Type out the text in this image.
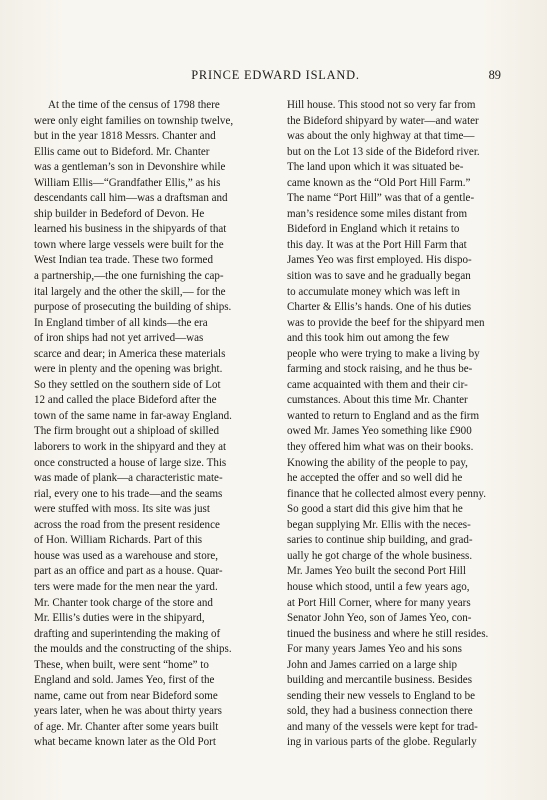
PRINCE EDWARD ISLAND.	89
At the time of the census of 1798 there
were only eight families on township twelve,
but in the year 1818 Messrs. Chanter and
Ellis came out to Bideford. Mr. Chanter
was a gentleman’s son in Devonshire while
William Ellis—“Grandfather Ellis,” as his
descendants call him—was a draftsman and
ship builder in Bedeford of Devon. He
learned his business in the shipyards of that
town where large vessels were built for the
West Indian tea trade. These two formed
a partnership,—the one furnishing the cap-
ital largely and the other the skill,— for the
purpose of prosecuting the building of ships.
In England timber of all kinds—the era
of iron ships had not yet arrived—was
scarce and dear; in America these materials
were in plenty and the opening was bright.
So they settled on the southern side of Lot
12 and called the place Bideford after the
town of the same name in far-away England.
The firm brought out a shipload of skilled
laborers to work in the shipyard and they at
once constructed a house of large size. This
was made of plank—a characteristic mate-
rial, every one to his trade—and the seams
were stuffed with moss. Its site was just
across the road from the present residence
of Hon. William Richards. Part of this
house was used as a warehouse and store,
part as an office and part as a house. Quar-
ters were made for the men near the yard.
Mr. Chanter took charge of the store and
Mr. Ellis’s duties were in the shipyard,
drafting and superintending the making of
the moulds and the constructing of the ships.
These, when built, were sent “home” to
England and sold. James Yeo, first of the
name, came out from near Bideford some
years later, when he was about thirty years
of age. Mr. Chanter after some years built
what became known later as the Old Port
Hill house. This stood not so very far from
the Bideford shipyard by water—and water
was about the only highway at that time—
but on the Lot 13 side of the Bideford river.
The land upon which it was situated be-
came known as the “Old Port Hill Farm.”
The name “Port Hill” was that of a gentle-
man’s residence some miles distant from
Bideford in England which it retains to
this day. It was at the Port Hill Farm that
James Yeo was first employed. His dispo-
sition was to save and he gradually began
to accumulate money which was left in
Charter & Ellis’s hands. One of his duties
was to provide the beef for the shipyard men
and this took him out among the few
people who were trying to make a living by
farming and stock raising, and he thus be-
came acquainted with them and their cir-
cumstances. About this time Mr. Chanter
wanted to return to England and as the firm
owed Mr. James Yeo something like £900
they offered him what was on their books.
Knowing the ability of the people to pay,
he accepted the offer and so well did he
finance that he collected almost every penny.
So good a start did this give him that he
began supplying Mr. Ellis with the neces-
saries to continue ship building, and grad-
ually he got charge of the whole business.
Mr. James Yeo built the second Port Hill
house which stood, until a few years ago,
at Port Hill Corner, where for many years
Senator John Yeo, son of James Yeo, con-
tinued the business and where he still resides.
For many years James Yeo and his sons
John and James carried on a large ship
building and mercantile business. Besides
sending their new vessels to England to be
sold, they had a business connection there
and many of the vessels were kept for trad-
ing in various parts of the globe. Regularly
